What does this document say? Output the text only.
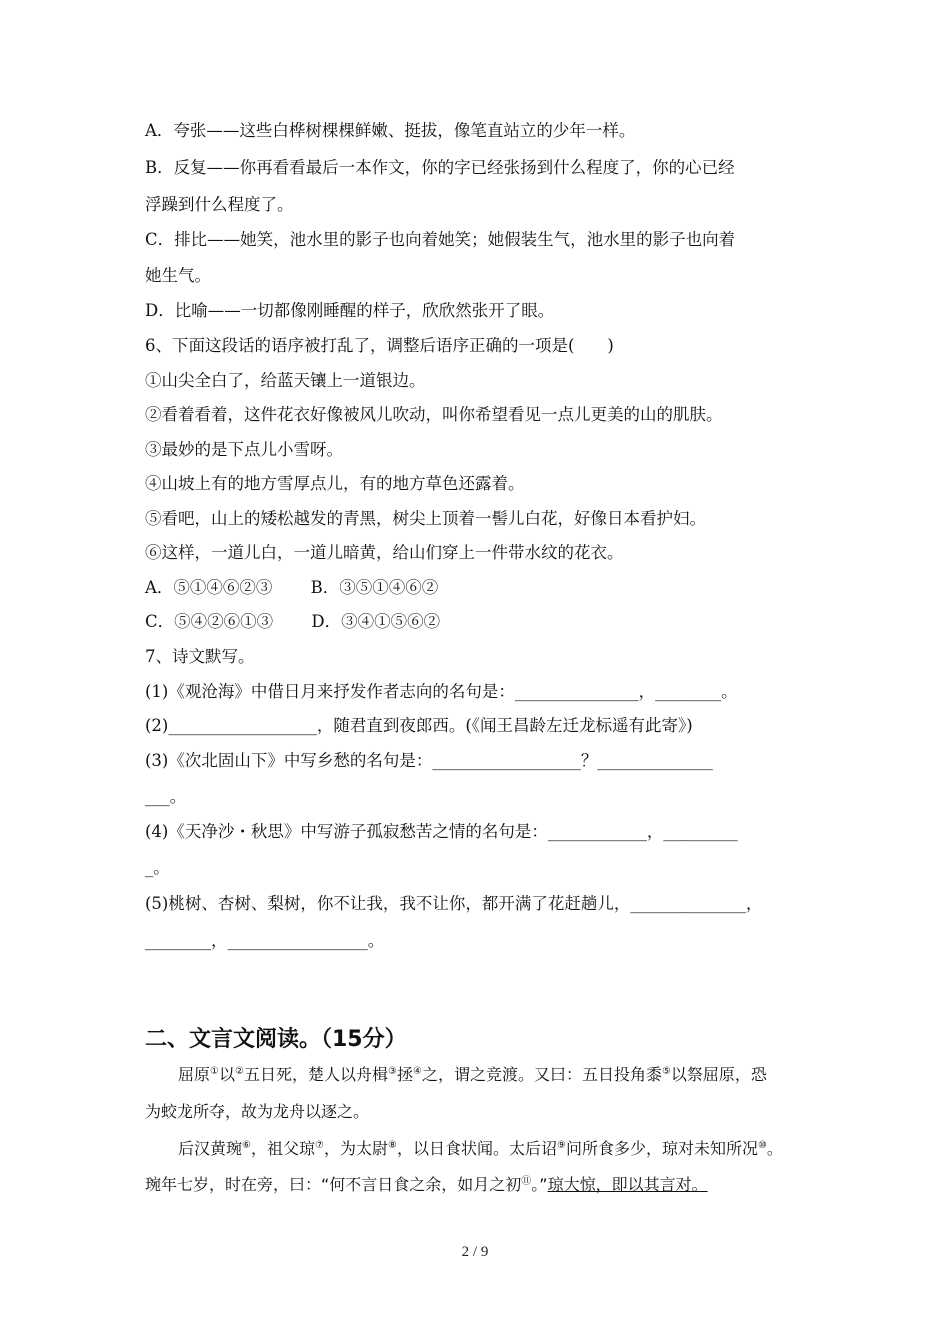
A．夸张——这些白桦树棵棵鲜嫩、挺拔，像笔直站立的少年一样。
B．反复——你再看看最后一本作文，你的字已经张扬到什么程度了，你的心已经
浮躁到什么程度了。
C．排比——她笑，池水里的影子也向着她笑；她假装生气，池水里的影子也向着
她生气。
D．比喻——一切都像刚睡醒的样子，欣欣然张开了眼。
6、下面这段话的语序被打乱了，调整后语序正确的一项是(　　)
①山尖全白了，给蓝天镶上一道银边。
②看着看着，这件花衣好像被风儿吹动，叫你希望看见一点儿更美的山的肌肤。
③最妙的是下点儿小雪呀。
④山坡上有的地方雪厚点儿，有的地方草色还露着。
⑤看吧，山上的矮松越发的青黑，树尖上顶着一髻儿白花，好像日本看护妇。
⑥这样，一道儿白，一道儿暗黄，给山们穿上一件带水纹的花衣。
A．⑤①④⑥②③　　 B．③⑤①④⑥②
C．⑤④②⑥①③　　 D．③④①⑤⑥②
7、诗文默写。
(1)《观沧海》中借日月来抒发作者志向的名句是：_______________，________。
(2)__________________，随君直到夜郎西。(《闻王昌龄左迁龙标遥有此寄》)
(3)《次北固山下》中写乡愁的名句是：__________________？______________
___。
(4)《天净沙・秋思》中写游子孤寂愁苦之情的名句是：____________，_________
_。
(5)桃树、杏树、梨树，你不让我，我不让你，都开满了花赶趟儿，______________，
________，_________________。
二、文言文阅读。（15分）
屈原①以②五日死，楚人以舟楫③拯④之，谓之竞渡。又曰：五日投角黍⑤以祭屈原，恐
为蛟龙所夺，故为龙舟以逐之。
后汉黄琬⑥，祖父琼⑦，为太尉⑧，以日食状闻。太后诏⑨问所食多少，琼对未知所况⑩。
琬年七岁，时在旁，曰：“何不言日食之余，如月之初⑪。”琼大惊，即以其言对。
2 / 9
